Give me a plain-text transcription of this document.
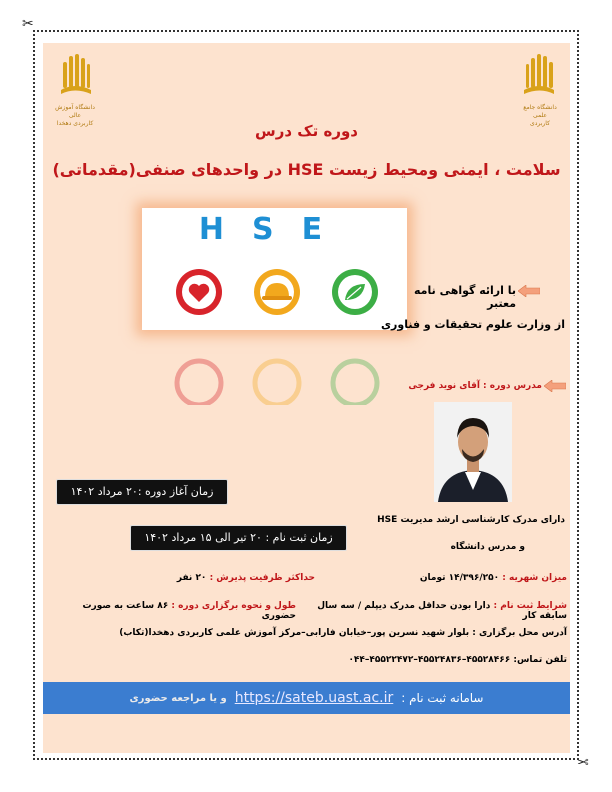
✂
✂
دانشگاه آموزش عالی
کاربردی دهخدا
دانشگاه جامع علمی
کاربردی
دوره تک درس
سلامت ، ایمنی ومحیط زیست HSE در واحدهای صنفی(مقدماتی)
HSE
با ارائه گواهی نامه معتبر
از وزارت علوم تحقیقات و فناوری
مدرس دوره : آقای نوید فرجی
دارای مدرک کارشناسی ارشد مدیریت HSE
و مدرس دانشگاه
زمان آغاز دوره :۲۰ مرداد ۱۴۰۲
زمان ثبت نام : ۲۰ تیر الی ۱۵ مرداد ۱۴۰۲
میزان شهریه : ۱۴/۳۹۶/۲۵۰ تومان
حداکثر ظرفیت پذیرش : ۲۰ نفر
شرایط ثبت نام : دارا بودن حداقل مدرک دیپلم / سه سال سابقه کار
طول و نحوه برگزاری دوره : ۸۶ ساعت به صورت حضوری
آدرس محل برگزاری : بلوار شهید نسرین پور–خیابان فارابی–مرکز آموزش علمی کاربردی دهخدا(تکاب)
تلفن تماس: ۴۵۵۲۸۴۶۶–۴۵۵۲۴۸۳۶–۴۵۵۲۲۴۷۲–۰۴۴
سامانه ثبت نام :
https://sateb.uast.ac.ir
و یا مراجعه حضوری
